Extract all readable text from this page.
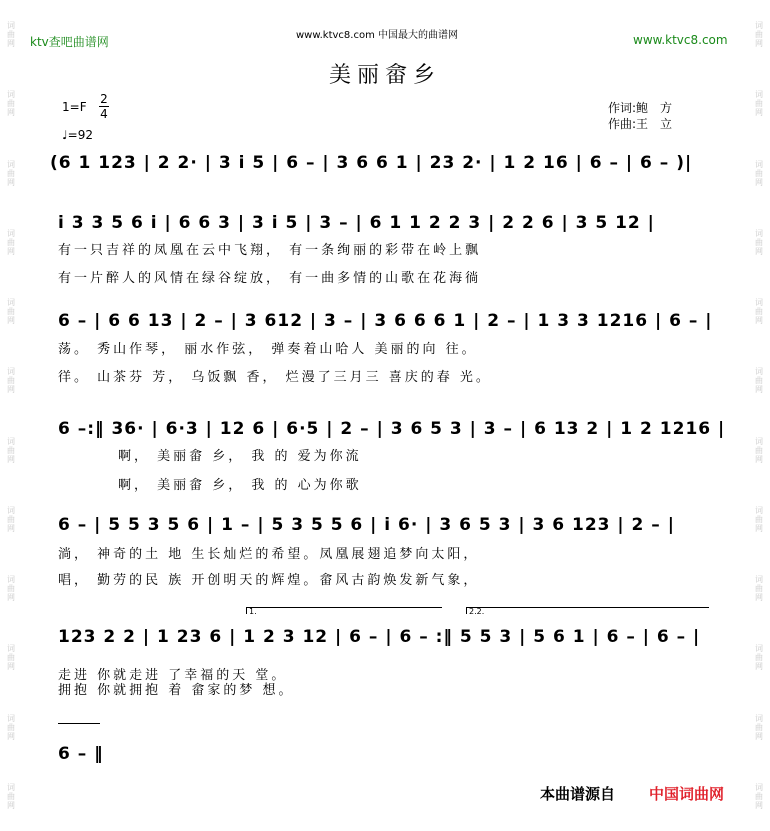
词曲网
词曲网
词曲网
词曲网
词曲网
词曲网
词曲网
词曲网
词曲网
词曲网
词曲网
词曲网
词曲网
词曲网
词曲网
词曲网
词曲网
词曲网
词曲网
词曲网
词曲网
词曲网
词曲网
词曲网
ktv查吧曲谱网	www.ktvc8.com 中国最大的曲谱网	www.ktvc8.com
美丽畲乡
1=F
2
4
♩=92
作词:鲍　方
作曲:王　立
(6 1 123 | 2 2· | 3 i 5 | 6 – | 3 6 6 1 | 23 2· | 1 2 16 | 6 – | 6 – )|
i 3 3 5 6 i | 6 6 3 | 3 i 5 | 3 – | 6 1 1 2 2 3 | 2 2 6 | 3 5 12 |
有一只吉祥的凤凰在云中飞翔， 有一条绚丽的彩带在岭上飘
有一片醉人的风情在绿谷绽放， 有一曲多情的山歌在花海徜
6 – | 6 6 13 | 2 – | 3 612 | 3 – | 3 6 6 6 1 | 2 – | 1 3 3 1216 | 6 – |
荡。 秀山作琴， 丽水作弦， 弹奏着山哈人 美丽的向 往。
徉。 山茶芬 芳， 乌饭飘 香， 烂漫了三月三 喜庆的春 光。
6 –:‖ 36· | 6·3 | 12 6 | 6·5 | 2 – | 3 6 5 3 | 3 – | 6 13 2 | 1 2 1216 |
啊， 美丽畲 乡， 我 的 爱为你流
啊， 美丽畲 乡， 我 的 心为你歌
6 – | 5 5 3 5 6 | 1 – | 5 3 5 5 6 | i 6· | 3 6 5 3 | 3 6 123 | 2 – |
淌， 神奇的土 地 生长灿烂的希望。凤凰展翅追梦向太阳，
唱， 勤劳的民 族 开创明天的辉煌。畲风古韵焕发新气象，
1.	2.2.
123 2 2 | 1 23 6 | 1 2 3 12 | 6 – | 6 – :‖ 5 5 3 | 5 6 1 | 6 – | 6 – |
走进 你就走进 了幸福的天 堂。
拥抱 你就拥抱 着 畲家的梦 想。
6 – ‖
本曲谱源自 中国词曲网
